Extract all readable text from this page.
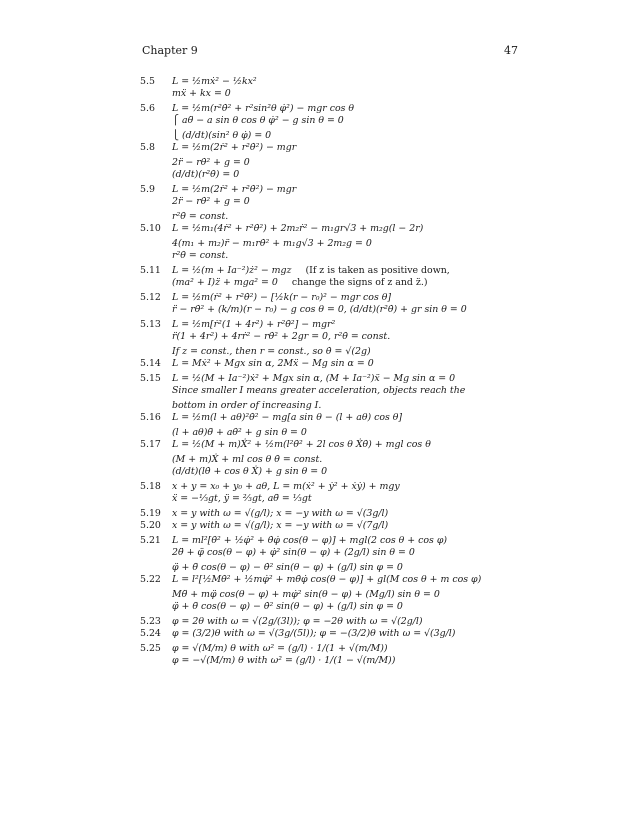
Chapter 9	47
5.5	L = ½mẋ² − ½kx²
mẍ + kx = 0
5.6	L = ½m(r²θ̇² + r²sin²θ φ̇²) − mgr cos θ
⎧ aθ̈ − a sin θ cos θ φ̇² − g sin θ = 0
⎩ (d/dt)(sin² θ φ̇) = 0
5.8	L = ½m(2ṙ² + r²θ̇²) − mgr
2r̈ − rθ̇² + g = 0
(d/dt)(r²θ̇) = 0
5.9	L = ½m(2ṙ² + r²θ̇²) − mgr
2r̈ − rθ̇² + g = 0
r²θ̇ = const.
5.10	L = ½m₁(4ṙ² + r²θ̇²) + 2m₂ṙ² − m₁gr√3 + m₂g(l − 2r)
4(m₁ + m₂)r̈ − m₁rθ̇² + m₁g√3 + 2m₂g = 0
r²θ̇ = const.
5.11	L = ½(m + Ia⁻²)ż² − mgz (If z is taken as positive down,
(ma² + I)z̈ + mga² = 0 change the signs of z and z̈.)
5.12	L = ½m(ṙ² + r²θ̇²) − [½k(r − r₀)² − mgr cos θ]
r̈ − rθ̇² + (k/m)(r − r₀) − g cos θ = 0, (d/dt)(r²θ̇) + gr sin θ = 0
5.13	L = ½m[ṙ²(1 + 4r²) + r²θ̇²] − mgr²
r̈(1 + 4r²) + 4rṙ² − rθ̇² + 2gr = 0, r²θ̇ = const.
If z = const., then r = const., so θ̇ = √(2g)
5.14	L = Mẋ² + Mgx sin α, 2Mẍ − Mg sin α = 0
5.15	L = ½(M + Ia⁻²)ẋ² + Mgx sin α, (M + Ia⁻²)ẍ − Mg sin α = 0
Since smaller I means greater acceleration, objects reach the
bottom in order of increasing I.
5.16	L = ½m(l + aθ)²θ̇² − mg[a sin θ − (l + aθ) cos θ]
(l + aθ)θ̈ + aθ̇² + g sin θ = 0
5.17	L = ½(M + m)Ẋ² + ½m(l²θ̇² + 2l cos θ Ẋθ̇) + mgl cos θ
(M + m)Ẋ + ml cos θ θ̇ = const.
(d/dt)(lθ̇ + cos θ Ẋ) + g sin θ = 0
5.18	x + y = x₀ + y₀ + aθ, L = m(ẋ² + ẏ² + ẋẏ) + mgy
ẍ = −⅓gt, ÿ = ⅔gt, aθ̈ = ⅓gt
5.19	x = y with ω = √(g/l); x = −y with ω = √(3g/l)
5.20	x = y with ω = √(g/l); x = −y with ω = √(7g/l)
5.21	L = ml²[θ̇² + ½φ̇² + θ̇φ̇ cos(θ − φ)] + mgl(2 cos θ + cos φ)
2θ̈ + φ̈ cos(θ − φ) + φ̇² sin(θ − φ) + (2g/l) sin θ = 0
φ̈ + θ̈ cos(θ − φ) − θ̇² sin(θ − φ) + (g/l) sin φ = 0
5.22	L = l²[½Mθ̇² + ½mφ̇² + mθ̇φ̇ cos(θ − φ)] + gl(M cos θ + m cos φ)
Mθ̈ + mφ̈ cos(θ − φ) + mφ̇² sin(θ − φ) + (Mg/l) sin θ = 0
φ̈ + θ̈ cos(θ − φ) − θ̇² sin(θ − φ) + (g/l) sin φ = 0
5.23	φ = 2θ with ω = √(2g/(3l)); φ = −2θ with ω = √(2g/l)
5.24	φ = (3/2)θ with ω = √(3g/(5l)); φ = −(3/2)θ with ω = √(3g/l)
5.25	φ = √(M/m) θ with ω² = (g/l) · 1/(1 + √(m/M))
φ = −√(M/m) θ with ω² = (g/l) · 1/(1 − √(m/M))
